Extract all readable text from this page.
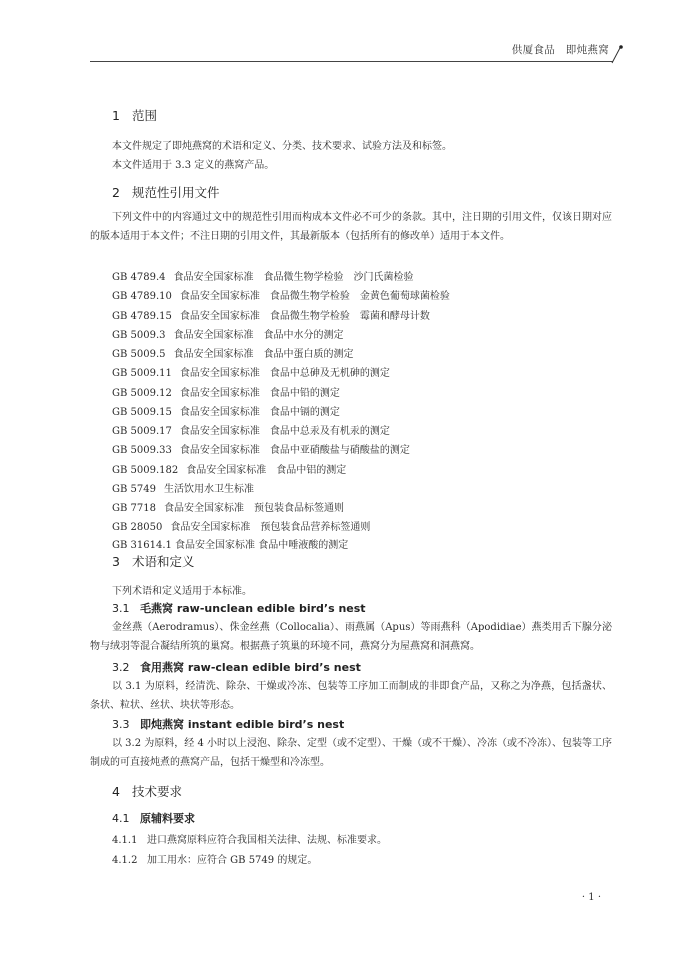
供厦食品　即炖燕窝
1 范围
本文件规定了即炖燕窝的术语和定义、分类、技术要求、试验方法及和标签。
本文件适用于 3.3 定义的燕窝产品。
2 规范性引用文件
下列文件中的内容通过文中的规范性引用而构成本文件必不可少的条款。其中，注日期的引用文件，仅该日期对应的版本适用于本文件；不注日期的引用文件，其最新版本（包括所有的修改单）适用于本文件。
GB 4789.4 食品安全国家标准 食品微生物学检验 沙门氏菌检验
GB 4789.10 食品安全国家标准 食品微生物学检验 金黄色葡萄球菌检验
GB 4789.15 食品安全国家标准 食品微生物学检验 霉菌和酵母计数
GB 5009.3 食品安全国家标准 食品中水分的测定
GB 5009.5 食品安全国家标准 食品中蛋白质的测定
GB 5009.11 食品安全国家标准 食品中总砷及无机砷的测定
GB 5009.12 食品安全国家标准 食品中铅的测定
GB 5009.15 食品安全国家标准 食品中镉的测定
GB 5009.17 食品安全国家标准 食品中总汞及有机汞的测定
GB 5009.33 食品安全国家标准 食品中亚硝酸盐与硝酸盐的测定
GB 5009.182 食品安全国家标准 食品中铝的测定
GB 5749 生活饮用水卫生标准
GB 7718 食品安全国家标准 预包装食品标签通则
GB 28050 食品安全国家标准 预包装食品营养标签通则
GB 31614.1 食品安全国家标准 食品中唾液酸的测定
3 术语和定义
下列术语和定义适用于本标准。
3.1 毛燕窝 raw-unclean edible bird’s nest
金丝燕（Aerodramus）、侏金丝燕（Collocalia）、雨燕属（Apus）等雨燕科（Apodidiae）燕类用舌下腺分泌物与绒羽等混合凝结所筑的巢窝。根据燕子筑巢的环境不同，燕窝分为屋燕窝和洞燕窝。
3.2 食用燕窝 raw-clean edible bird’s nest
以 3.1 为原料，经清洗、除杂、干燥或冷冻、包装等工序加工而制成的非即食产品，又称之为净燕，包括盏状、条状、粒状、丝状、块状等形态。
3.3 即炖燕窝 instant edible bird’s nest
以 3.2 为原料，经 4 小时以上浸泡、除杂、定型（或不定型）、干燥（或不干燥）、冷冻（或不冷冻）、包装等工序制成的可直接炖煮的燕窝产品，包括干燥型和冷冻型。
4 技术要求
4.1 原辅料要求
4.1.1 进口燕窝原料应符合我国相关法律、法规、标准要求。
4.1.2 加工用水：应符合 GB 5749 的规定。
· 1 ·
